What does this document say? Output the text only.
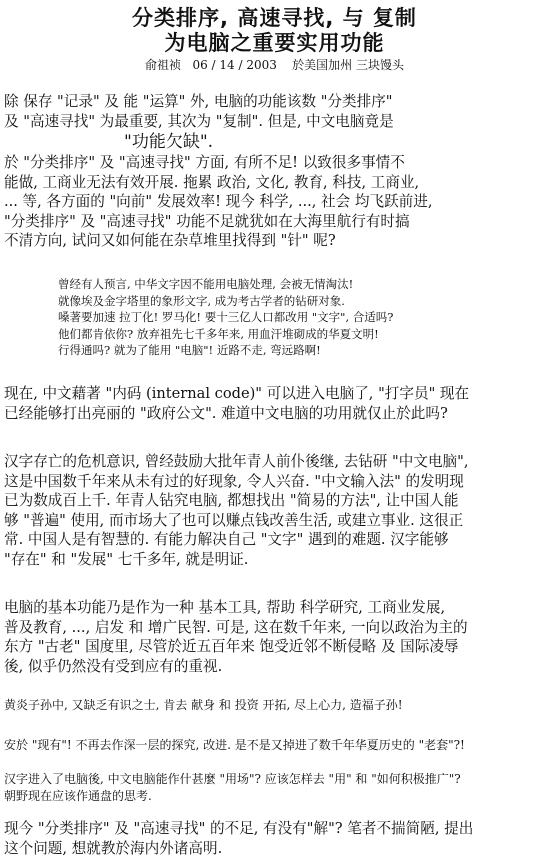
分类排序, 高速寻找, 与 复制
为电脑之重要实用功能
俞祖祯 06 / 14 / 2003 於美国加州 三块馒头
除 保存 "记录" 及 能 "运算" 外, 电脑的功能该数 "分类排序"
及 "高速寻找" 为最重要, 其次为 "复制". 但是, 中文电脑竟是
"功能欠缺".
於 "分类排序" 及 "高速寻找" 方面, 有所不足! 以致很多事情不
能做, 工商业无法有效开展. 拖累 政治, 文化, 教育, 科技, 工商业,
... 等, 各方面的 "向前" 发展效率! 现今 科学, ..., 社会 均飞跃前进,
"分类排序" 及 "高速寻找" 功能不足就犹如在大海里航行有时搞
不清方向, 试问又如何能在杂草堆里找得到 "针" 呢?
曾经有人预言, 中华文字因不能用电脑处理, 会被无情淘汰!
就像埃及金字塔里的象形文字, 成为考古学者的钻研对象.
嗓著要加速 拉丁化! 罗马化! 要十三亿人口都改用 "文字", 合适吗?
他们都肯依你? 放弃祖先七千多年来, 用血汗堆砌成的华夏文明!
行得通吗? 就为了能用 "电脑"! 近路不走, 弯远路啊!
现在, 中文藉著 "内码 (internal code)" 可以进入电脑了, "打字员" 现在
已经能够打出亮丽的 "政府公文". 难道中文电脑的功用就仅止於此吗?
汉字存亡的危机意识, 曾经鼓励大批年青人前仆後继, 去钻研 "中文电脑",
这是中国数千年来从未有过的好现象, 令人兴奋. "中文输入法" 的发明现
已为数成百上千. 年青人钻究电脑, 都想找出 "简易的方法", 让中国人能
够 "普遍" 使用, 而市场大了也可以赚点钱改善生活, 或建立事业. 这很正
常. 中国人是有智慧的. 有能力解决自己 "文字" 遇到的难题. 汉字能够
"存在" 和 "发展" 七千多年, 就是明证.
电脑的基本功能乃是作为一种 基本工具, 帮助 科学研究, 工商业发展,
普及教育, ..., 启发 和 增广民智. 可是, 这在数千年来, 一向以政治为主的
东方 "古老" 国度里, 尽管於近五百年来 饱受近邻不断侵略 及 国际凌辱
後, 似乎仍然没有受到应有的重视.
黄炎子孙中, 又缺乏有识之士, 肯去 献身 和 投资 开拓, 尽上心力, 造福子孙!
安於 "现有"! 不再去作深一层的探究, 改进. 是不是又掉进了数千年华夏历史的 "老套"?!
汉字进入了电脑後, 中文电脑能作什甚麼 "用场"? 应该怎样去 "用" 和 "如何积极推广"?
朝野现在应该作通盘的思考.
现今 "分类排序" 及 "高速寻找" 的不足, 有没有"解"? 笔者不揣简陋, 提出
这个问题, 想就教於海内外诸高明.
